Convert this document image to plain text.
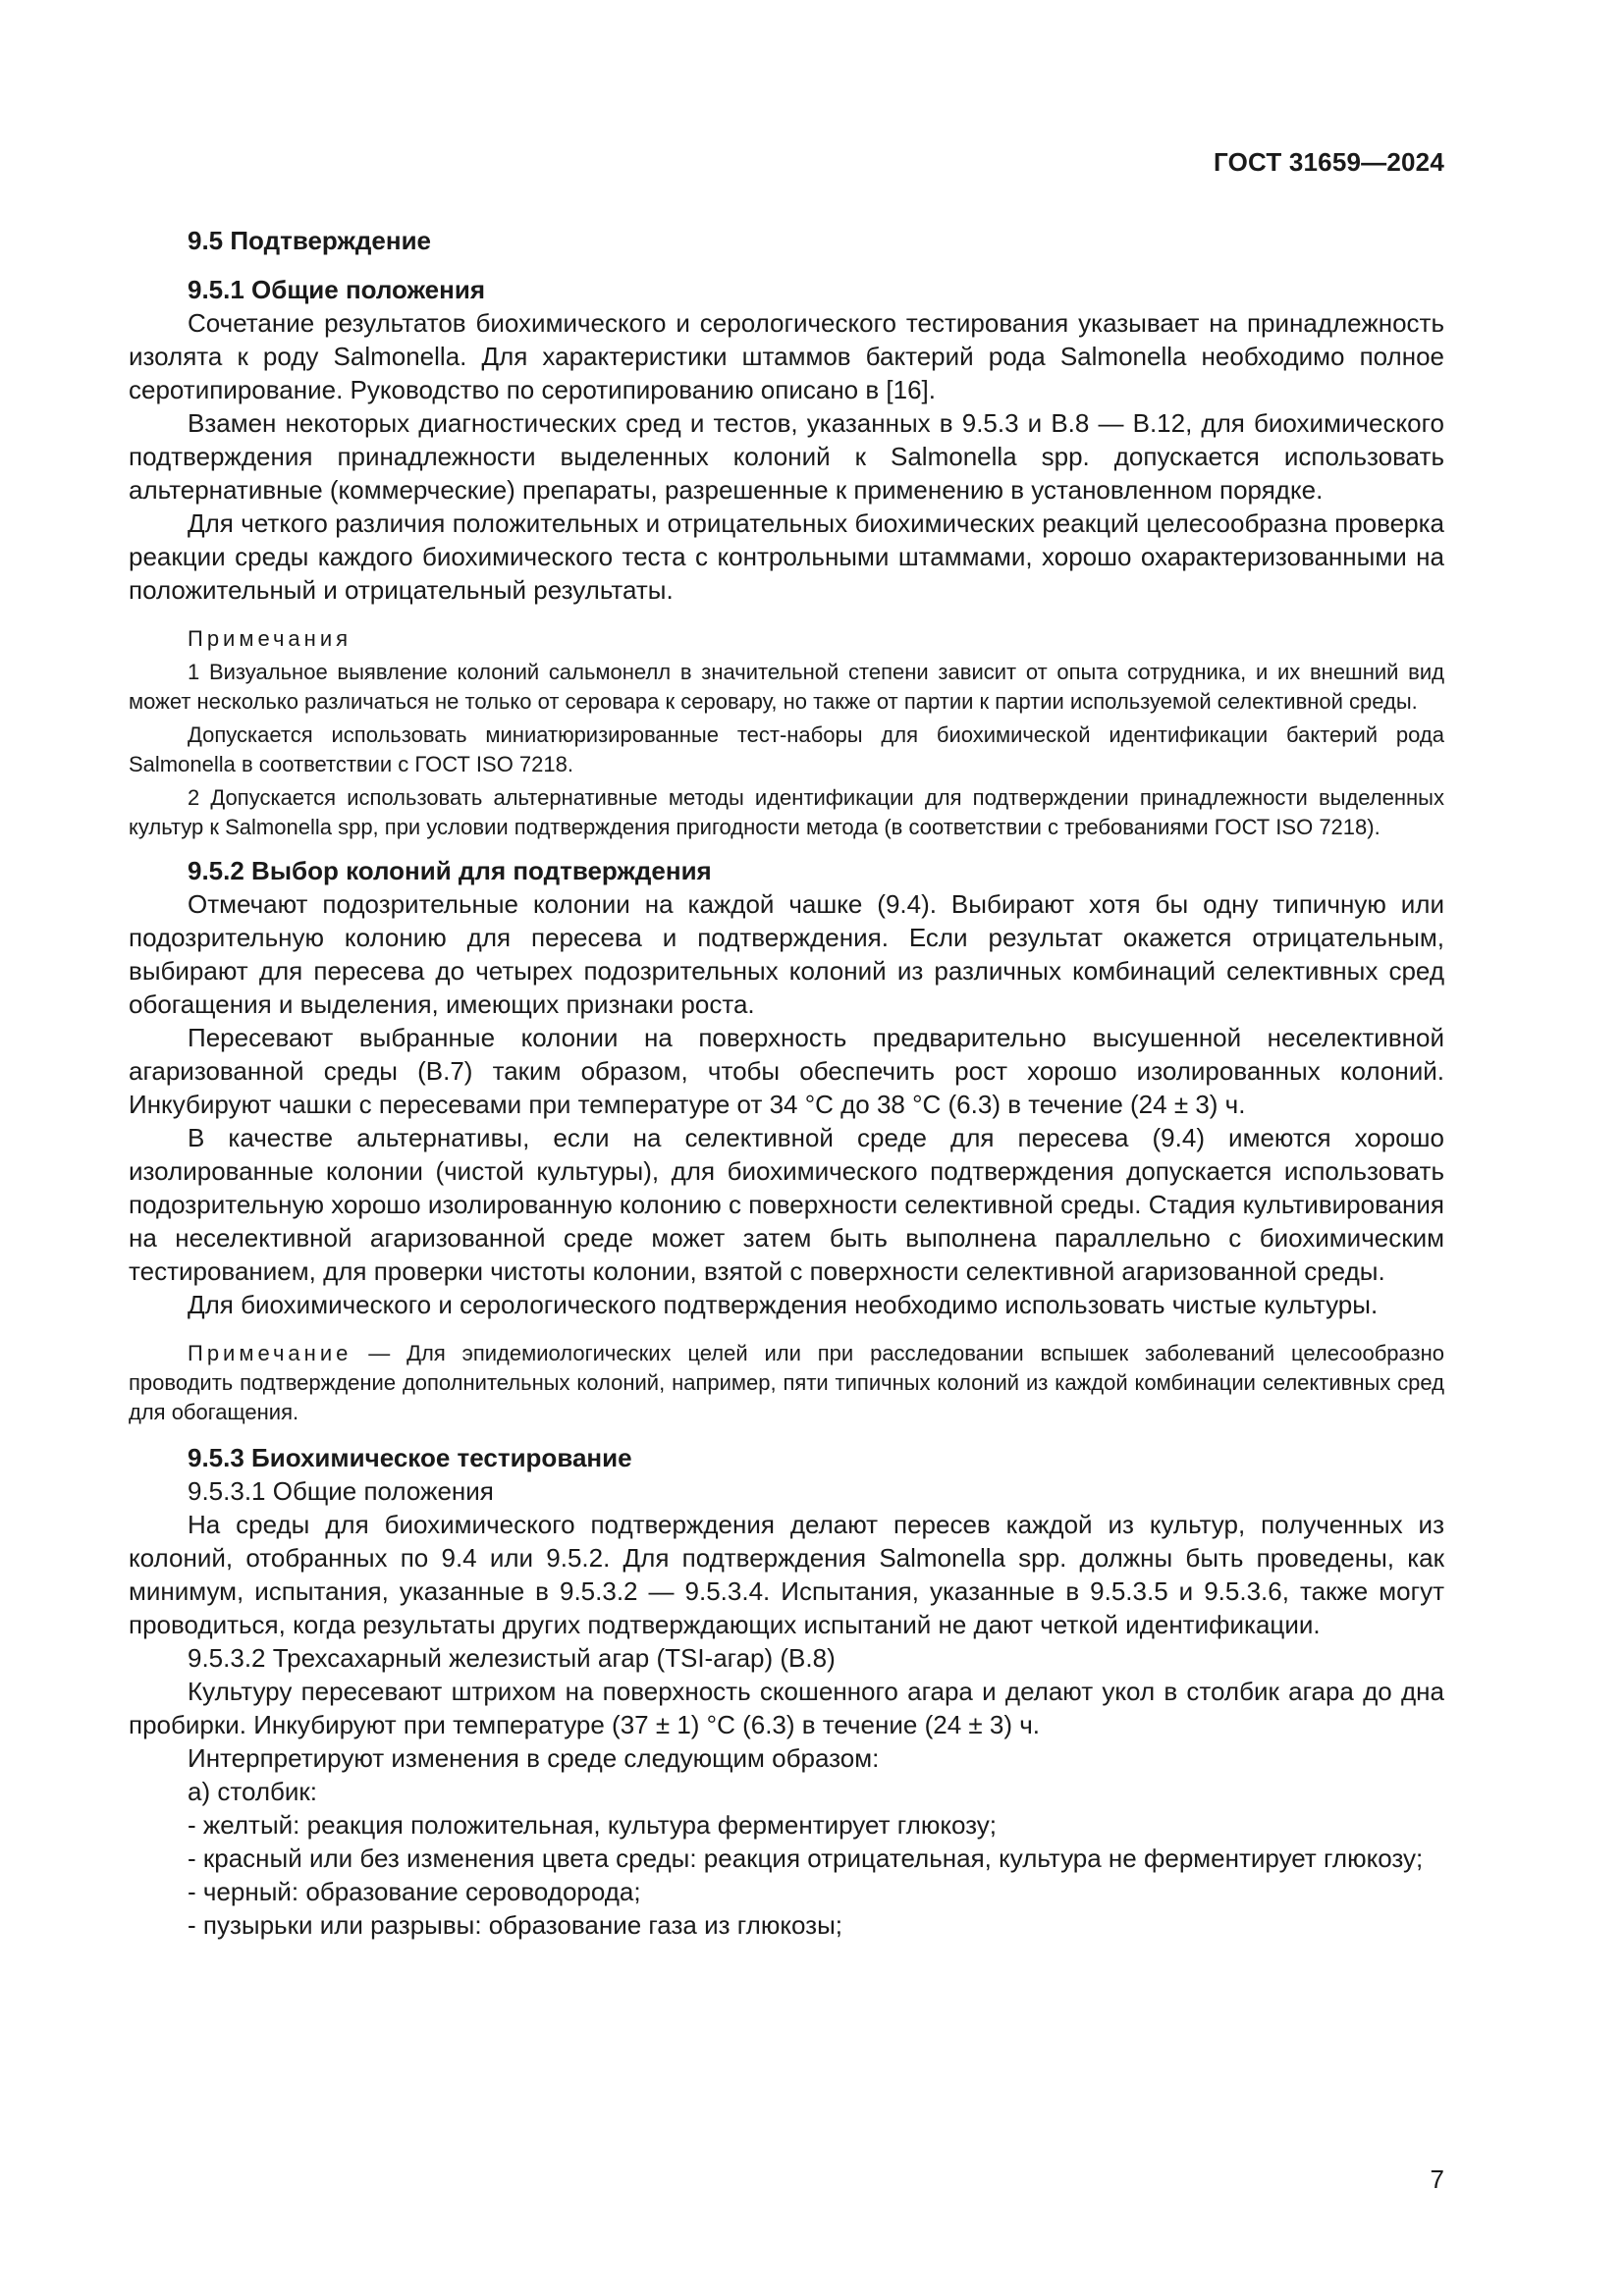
ГОСТ 31659—2024
9.5 Подтверждение
9.5.1 Общие положения

Сочетание результатов биохимического и серологического тестирования указывает на принадлежность изолята к роду Salmonella. Для характеристики штаммов бактерий рода Salmonella необходимо полное серотипирование. Руководство по серотипированию описано в [16].

Взамен некоторых диагностических сред и тестов, указанных в 9.5.3 и B.8 — B.12, для биохимического подтверждения принадлежности выделенных колоний к Salmonella spp. допускается использовать альтернативные (коммерческие) препараты, разрешенные к применению в установленном порядке.

Для четкого различия положительных и отрицательных биохимических реакций целесообразна проверка реакции среды каждого биохимического теста с контрольными штаммами, хорошо охарактеризованными на положительный и отрицательный результаты.

Примечания

1 Визуальное выявление колоний сальмонелл в значительной степени зависит от опыта сотрудника, и их внешний вид может несколько различаться не только от серовара к серовару, но также от партии к партии используемой селективной среды.

Допускается использовать миниатюризированные тест-наборы для биохимической идентификации бактерий рода Salmonella в соответствии с ГОСТ ISO 7218.

2 Допускается использовать альтернативные методы идентификации для подтверждении принадлежности выделенных культур к Salmonella spp, при условии подтверждения пригодности метода (в соответствии с требованиями ГОСТ ISO 7218).

9.5.2 Выбор колоний для подтверждения

Отмечают подозрительные колонии на каждой чашке (9.4). Выбирают хотя бы одну типичную или подозрительную колонию для пересева и подтверждения. Если результат окажется отрицательным, выбирают для пересева до четырех подозрительных колоний из различных комбинаций селективных сред обогащения и выделения, имеющих признаки роста.

Пересевают выбранные колонии на поверхность предварительно высушенной неселективной агаризованной среды (B.7) таким образом, чтобы обеспечить рост хорошо изолированных колоний. Инкубируют чашки с пересевами при температуре от 34 °C до 38 °C (6.3) в течение (24 ± 3) ч.

В качестве альтернативы, если на селективной среде для пересева (9.4) имеются хорошо изолированные колонии (чистой культуры), для биохимического подтверждения допускается использовать подозрительную хорошо изолированную колонию с поверхности селективной среды. Стадия культивирования на неселективной агаризованной среде может затем быть выполнена параллельно с биохимическим тестированием, для проверки чистоты колонии, взятой с поверхности селективной агаризованной среды.

Для биохимического и серологического подтверждения необходимо использовать чистые культуры.

Примечание — Для эпидемиологических целей или при расследовании вспышек заболеваний целесообразно проводить подтверждение дополнительных колоний, например, пяти типичных колоний из каждой комбинации селективных сред для обогащения.

9.5.3 Биохимическое тестирование
9.5.3.1 Общие положения

На среды для биохимического подтверждения делают пересев каждой из культур, полученных из колоний, отобранных по 9.4 или 9.5.2. Для подтверждения Salmonella spp. должны быть проведены, как минимум, испытания, указанные в 9.5.3.2 — 9.5.3.4. Испытания, указанные в 9.5.3.5 и 9.5.3.6, также могут проводиться, когда результаты других подтверждающих испытаний не дают четкой идентификации.

9.5.3.2 Трехсахарный железистый агар (TSI-агар) (B.8)

Культуру пересевают штрихом на поверхность скошенного агара и делают укол в столбик агара до дна пробирки. Инкубируют при температуре (37 ± 1) °C (6.3) в течение (24 ± 3) ч.

Интерпретируют изменения в среде следующим образом:

а) столбик:

- желтый: реакция положительная, культура ферментирует глюкозу;

- красный или без изменения цвета среды: реакция отрицательная, культура не ферментирует глюкозу;

- черный: образование сероводорода;

- пузырьки или разрывы: образование газа из глюкозы;

7
